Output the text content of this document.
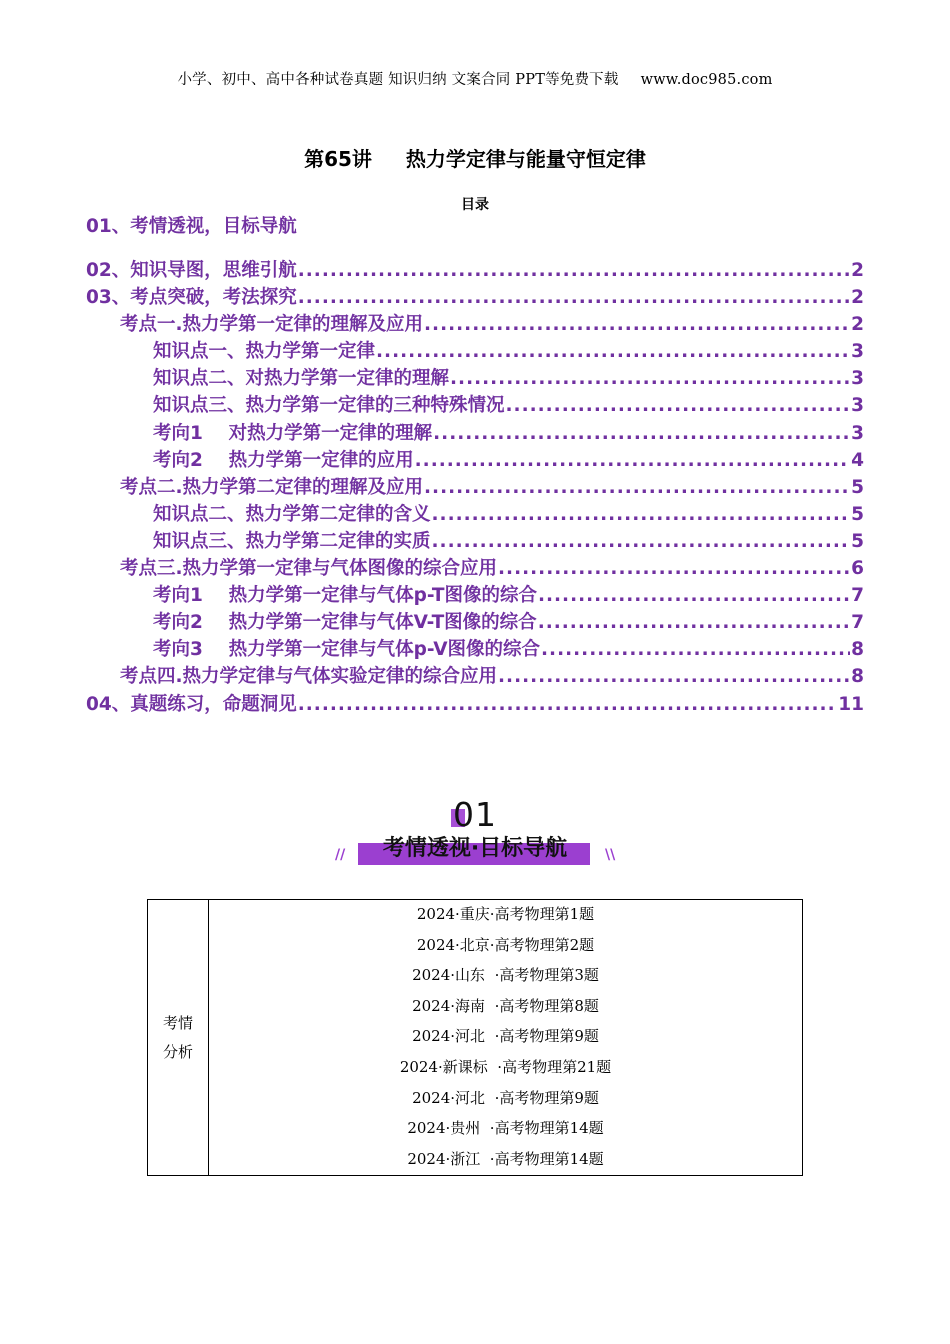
小学、初中、高中各种试卷真题 知识归纳 文案合同 PPT等免费下载 www.doc985.com
第65讲 热力学定律与能量守恒定律
目录
01、考情透视，目标导航
02、知识导图，思维引航 .....	2
03、考点突破，考法探究 .....	2
考点一.热力学第一定律的理解及应用 .....	2
知识点一、热力学第一定律 .....	3
知识点二、对热力学第一定律的理解 .....	3
知识点三、热力学第一定律的三种特殊情况 .....	3
考向1    对热力学第一定律的理解 .....	3
考向2    热力学第一定律的应用 .....	4
考点二.热力学第二定律的理解及应用 .....	5
知识点二、热力学第二定律的含义 .....	5
知识点三、热力学第二定律的实质 .....	5
考点三.热力学第一定律与气体图像的综合应用 .....	6
考向1    热力学第一定律与气体p-T图像的综合 .....	7
考向2    热力学第一定律与气体V-T图像的综合 .....	7
考向3    热力学第一定律与气体p-V图像的综合 .....	8
考点四.热力学定律与气体实验定律的综合应用 .....	8
04、真题练习，命题洞见 .....	11
01
考情透视·目标导航
//	\\
考情
分析
2024·重庆·高考物理第1题
2024·北京·高考物理第2题
2024·山东  ·高考物理第3题
2024·海南  ·高考物理第8题
2024·河北  ·高考物理第9题
2024·新课标  ·高考物理第21题
2024·河北  ·高考物理第9题
2024·贵州  ·高考物理第14题
2024·浙江  ·高考物理第14题
